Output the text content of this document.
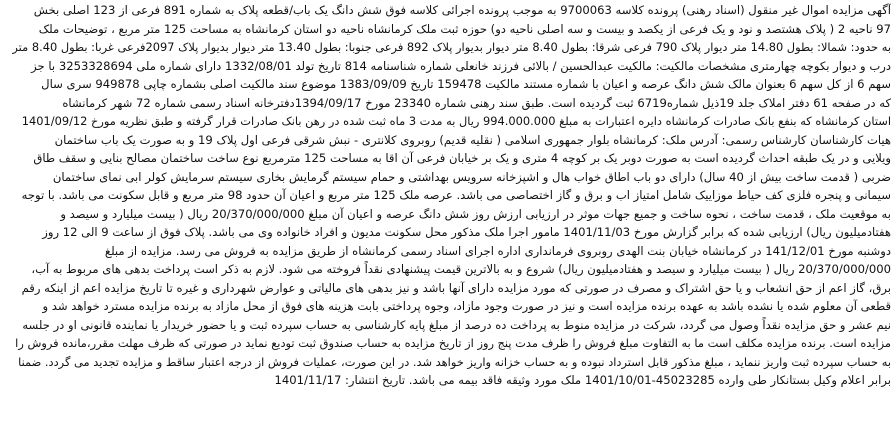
آگهی مزایده اموال غیر منقول (اسناد رهنی) پرونده کلاسه 9700063 به موجب پرونده اجرائی کلاسه فوق شش دانگ یک باب/قطعه پلاک به شماره 891 فرعی از 123 اصلی بخش
97 ناحیه 2 ( پلاک هشتصد و نود و یک فرعی از یکصد و بیست و سه اصلی ناحیه دو) حوزه ثبت ملک کرمانشاه ناحیه دو استان کرمانشاه به مساحت 125 متر مربع ، توضیحات ملک
به حدود: شمالا: بطول 14.80 متر دیوار پلاک 790 فرعی شرقا: بطول 8.40 متر دیوار بدیوار پلاک 892 فرعی جنوبا: بطول 13.40 متر دیوار بدیوار پلاک 2097فرعی غربا: بطول 8.40 متر
درب و دیوار بکوچه چهارمتری مشخصات مالکیت: مالکیت عبدالحسین / بالائی فرزند خانعلی شماره شناسنامه 814 تاریخ تولد 1332/08/01 دارای شماره ملی 3253328694 با جز
سهم 6 از کل سهم 6 بعنوان مالک شش دانگ عرصه و اعیان با شماره مستند مالکیت 159478 تاریخ 1383/09/09 موضوع سند مالکیت اصلی بشماره چاپی 949878 سری سال
که در صفحه 61 دفتر املاک جلد 19ذیل شماره6719 ثبت گردیده است. طبق سند رهنی شماره 23340 مورخ 1394/09/17دفترخانه اسناد رسمی شماره 72 شهر کرمانشاه
استان کرمانشاه که بنفع بانک صادرات کرمانشاه دایره اعتبارات به مبلغ 994.000.000 ریال به مدت 3 ماه ثبت شده در رهن بانک صادرات قرار گرفته و طبق نظریه مورخ 1401/09/12
هیات کارشناسان کارشناس رسمی: آدرس ملک: کرمانشاه بلوار جمهوری اسلامی ( نقلیه قدیم) روبروی کلانتری - نبش شرقی فرعی اول پلاک 19 و به صورت یک باب ساختمان
ویلایی و در یک طبقه احداث گردیده است به صورت دوبر یک بر کوچه 4 متری و یک بر خیابان فرعی آن اقا به مساحت 125 مترمربع نوع ساخت ساختمان مصالح بنایی و سقف طاق
ضربی ( قدمت ساخت بیش از 40 سال) دارای دو باب اطاق خواب هال و اشپزخانه سرویس بهداشتی و حمام سیستم گرمایش بخاری سیستم سرمایش کولر ابی نمای ساختمان
سیمانی و پنجره فلزی کف حیاط موزاییک شامل امتیاز اب و برق و گاز اختصاصی می باشد. عرصه ملک 125 متر مربع و اعیان آن حدود 98 متر مربع و قابل سکونت می باشد. با توجه
به موقعیت ملک ، قدمت ساخت ، نحوه ساخت و جمیع جهات موثر در ارزیابی ارزش روز شش دانگ عرصه و اعیان آن مبلغ 20/370/000/000 ریال ( بیست میلیارد و سیصد و
هفتادمیلیون ریال) ارزیابی شده که برابر گزارش مورخ 1401/11/03 مامور اجرا ملک مذکور محل سکونت مدیون و افراد خانواده وی می باشد. پلاک فوق از ساعت 9 الی 12 روز
دوشنبه مورخ 141/12/01 در کرمانشاه خیابان بنت الهدی روبروی فرمانداری اداره اجرای اسناد رسمی کرمانشاه از طریق مزایده به فروش می رسد. مزایده از مبلغ
20/370/000/000 ریال ( بیست میلیارد و سیصد و هفتادمیلیون ریال) شروع و به بالاترین قیمت پیشنهادی نقداً فروخته می شود. لازم به ذکر است پرداخت بدهی های مربوط به آب،
برق، گاز اعم از حق انشعاب و یا حق اشتراک و مصرف در صورتی که مورد مزایده دارای آنها باشد و نیز بدهی های مالیاتی و عوارض شهرداری و غیره تا تاریخ مزایده اعم از اینکه رقم
قطعی آن معلوم شده یا نشده باشد به عهده برنده مزایده است و نیز در صورت وجود مازاد، وجوه پرداختی بابت هزینه های فوق از محل مازاد به برنده مزایده مسترد خواهد شد و
نیم عشر و حق مزایده نقداً وصول می گردد، شرکت در مزایده منوط به پرداخت ده درصد از مبلغ پایه کارشناسی به حساب سپرده ثبت و یا حضور خریدار یا نماینده قانونی او در جلسه
مزایده است. برنده مزایده مکلف است ما به التفاوت مبلغ فروش را ظرف مدت پنج روز از تاریخ مزایده به حساب صندوق ثبت تودیع نماید در صورتی که ظرف مهلت مقرر،مانده فروش را
به حساب سپرده ثبت واریز ننماید ، مبلغ مذکور قابل استرداد نبوده و به حساب خزانه واریز خواهد شد. در این صورت، عملیات فروش از درجه اعتبار ساقط و مزایده تجدید می گردد. ضمنا
برابر اعلام وکیل بستانکار طی وارده 45023285-1401/10/01 ملک مورد وثیقه فاقد بیمه می باشد. تاریخ انتشار: 1401/11/17
